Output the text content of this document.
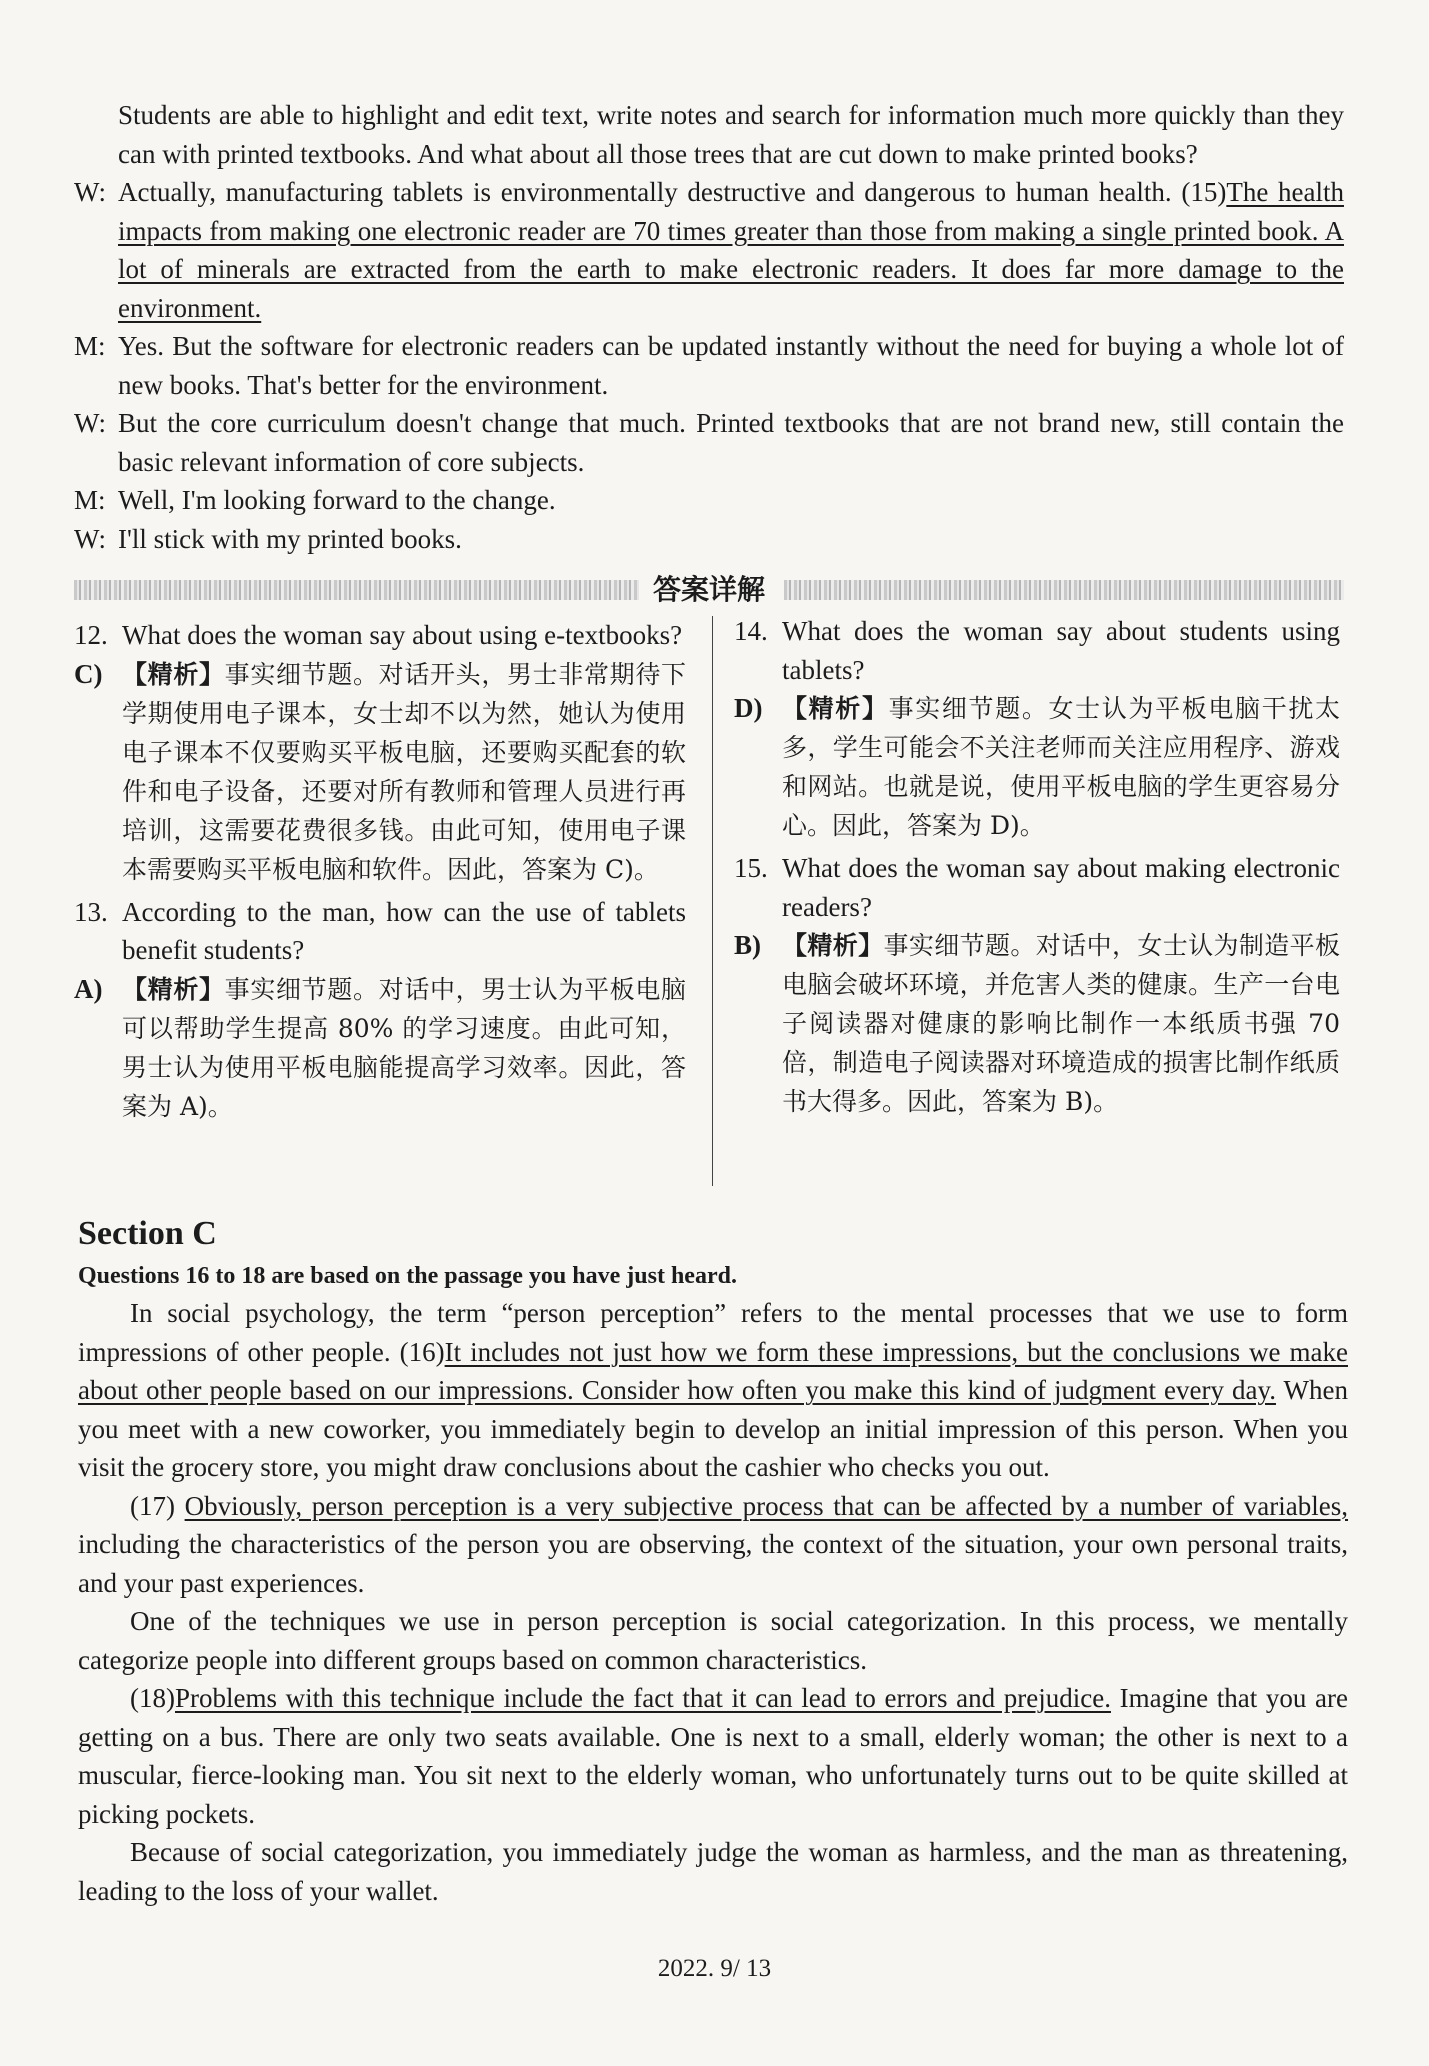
Students are able to highlight and edit text, write notes and search for information much more quickly than they can with printed textbooks. And what about all those trees that are cut down to make printed books?

W: Actually, manufacturing tablets is environmentally destructive and dangerous to human health. (15)The health impacts from making one electronic reader are 70 times greater than those from making a single printed book. A lot of minerals are extracted from the earth to make electronic readers. It does far more damage to the environment.
M: Yes. But the software for electronic readers can be updated instantly without the need for buying a whole lot of new books. That's better for the environment.
W: But the core curriculum doesn't change that much. Printed textbooks that are not brand new, still contain the basic relevant information of core subjects.
M: Well, I'm looking forward to the change.
W: I'll stick with my printed books.
答案详解
12. What does the woman say about using e-textbooks?
C) 【精析】事实细节题。对话开头，男士非常期待下学期使用电子课本，女士却不以为然，她认为使用电子课本不仅要购买平板电脑，还要购买配套的软件和电子设备，还要对所有教师和管理人员进行再培训，这需要花费很多钱。由此可知，使用电子课本需要购买平板电脑和软件。因此，答案为 C)。
13. According to the man, how can the use of tablets benefit students?
A) 【精析】事实细节题。对话中，男士认为平板电脑可以帮助学生提高 80% 的学习速度。由此可知，男士认为使用平板电脑能提高学习效率。因此，答案为 A)。
14. What does the woman say about students using tablets?
D) 【精析】事实细节题。女士认为平板电脑干扰太多，学生可能会不关注老师而关注应用程序、游戏和网站。也就是说，使用平板电脑的学生更容易分心。因此，答案为 D)。
15. What does the woman say about making electronic readers?
B) 【精析】事实细节题。对话中，女士认为制造平板电脑会破坏环境，并危害人类的健康。生产一台电子阅读器对健康的影响比制作一本纸质书强 70 倍，制造电子阅读器对环境造成的损害比制作纸质书大得多。因此，答案为 B)。
Section C
Questions 16 to 18 are based on the passage you have just heard.

In social psychology, the term “person perception” refers to the mental processes that we use to form impressions of other people. (16)It includes not just how we form these impressions, but the conclusions we make about other people based on our impressions. Consider how often you make this kind of judgment every day. When you meet with a new coworker, you immediately begin to develop an initial impression of this person. When you visit the grocery store, you might draw conclusions about the cashier who checks you out.

(17) Obviously, person perception is a very subjective process that can be affected by a number of variables, including the characteristics of the person you are observing, the context of the situation, your own personal traits, and your past experiences.

One of the techniques we use in person perception is social categorization. In this process, we mentally categorize people into different groups based on common characteristics.

(18)Problems with this technique include the fact that it can lead to errors and prejudice. Imagine that you are getting on a bus. There are only two seats available. One is next to a small, elderly woman; the other is next to a muscular, fierce-looking man. You sit next to the elderly woman, who unfortunately turns out to be quite skilled at picking pockets.

Because of social categorization, you immediately judge the woman as harmless, and the man as threatening, leading to the loss of your wallet.

2022. 9/ 13
